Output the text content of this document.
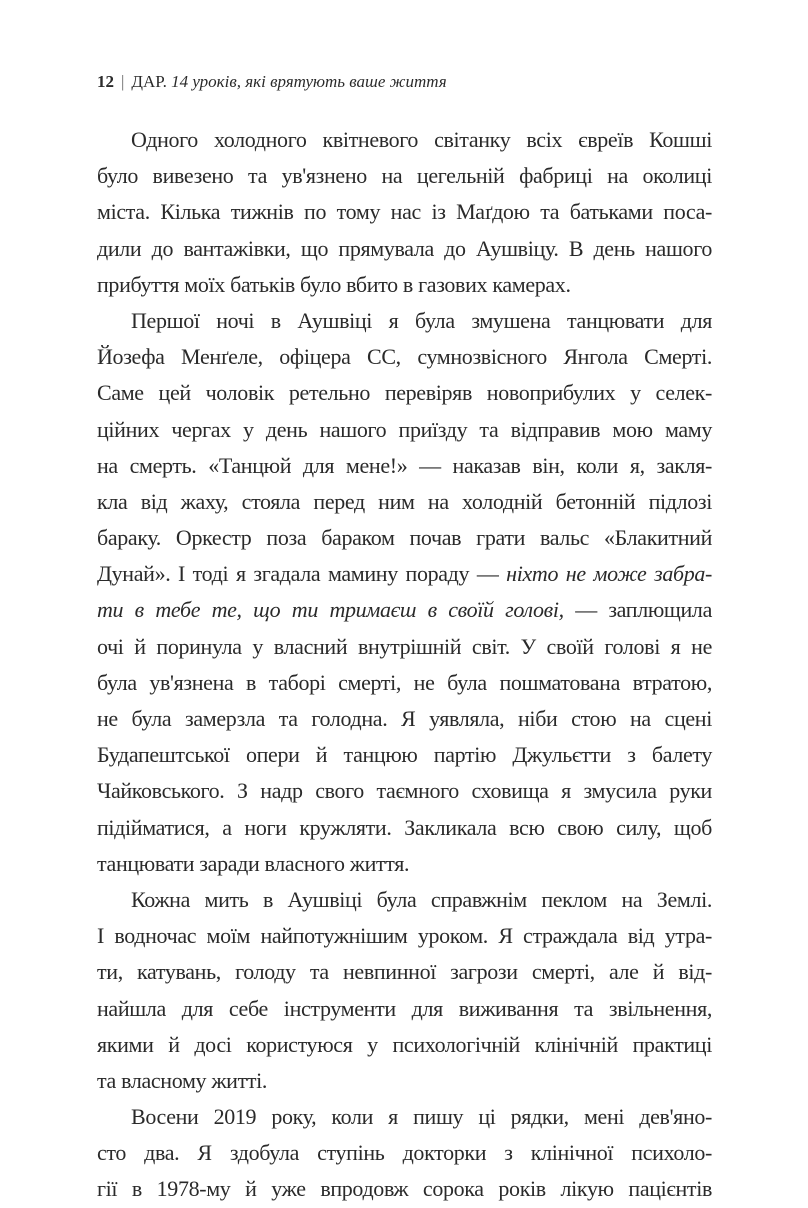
12 | ДАР. 14 уроків, які врятують ваше життя
Одного холодного квітневого світанку всіх євреїв Кошші
було вивезено та ув'язнено на цегельній фабриці на околиці
міста. Кілька тижнів по тому нас із Маґдою та батьками поса-
дили до вантажівки, що прямувала до Аушвіцу. В день нашого
прибуття моїх батьків було вбито в газових камерах.
Першої ночі в Аушвіці я була змушена танцювати для
Йозефа Менґеле, офіцера СС, сумнозвісного Янгола Смерті.
Саме цей чоловік ретельно перевіряв новоприбулих у селек-
ційних чергах у день нашого приїзду та відправив мою маму
на смерть. «Танцюй для мене!» — наказав він, коли я, закля-
кла від жаху, стояла перед ним на холодній бетонній підлозі
бараку. Оркестр поза бараком почав грати вальс «Блакитний
Дунай». І тоді я згадала мамину пораду — ніхто не може забра-
ти в тебе те, що ти тримаєш в своїй голові, — заплющила
очі й поринула у власний внутрішній світ. У своїй голові я не
була ув'язнена в таборі смерті, не була пошматована втратою,
не була замерзла та голодна. Я уявляла, ніби стою на сцені
Будапештської опери й танцюю партію Джульєтти з балету
Чайковського. З надр свого таємного сховища я змусила руки
підійматися, а ноги кружляти. Закликала всю свою силу, щоб
танцювати заради власного життя.
Кожна мить в Аушвіці була справжнім пеклом на Землі.
І водночас моїм найпотужнішим уроком. Я страждала від утра-
ти, катувань, голоду та невпинної загрози смерті, але й від-
найшла для себе інструменти для виживання та звільнення,
якими й досі користуюся у психологічній клінічній практиці
та власному житті.
Восени 2019 року, коли я пишу ці рядки, мені дев'яно-
сто два. Я здобула ступінь докторки з клінічної психоло-
гії в 1978-му й уже впродовж сорока років лікую пацієнтів
